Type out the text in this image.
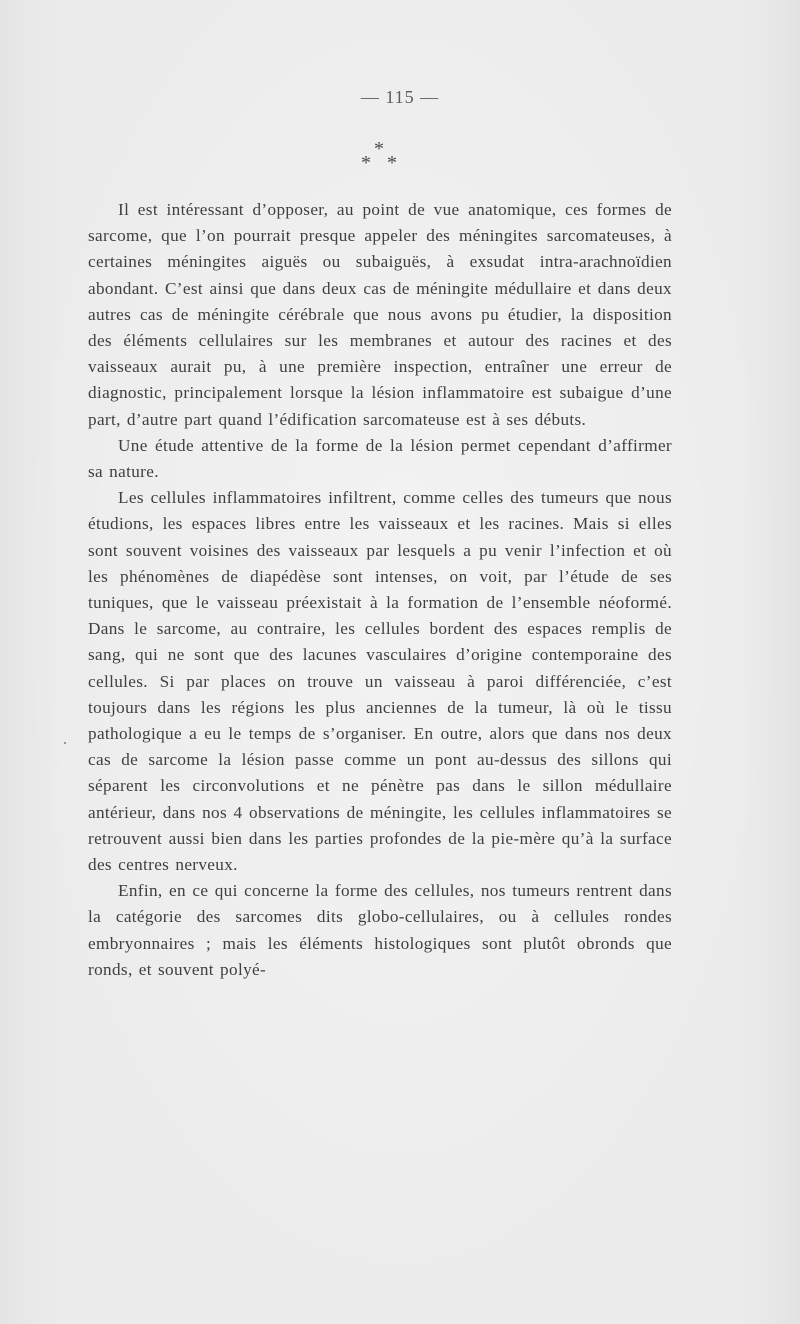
— 115 —
*
* *

Il est intéressant d’opposer, au point de vue anatomique, ces formes de sarcome, que l’on pourrait presque appeler des méningites sarcomateuses, à certaines méningites aiguës ou subaiguës, à exsudat intra-arachnoïdien abondant. C’est ainsi que dans deux cas de méningite médullaire et dans deux autres cas de méningite cérébrale que nous avons pu étudier, la disposition des éléments cellulaires sur les membranes et autour des racines et des vaisseaux aurait pu, à une première inspection, entraîner une erreur de diagnostic, principalement lorsque la lésion inflammatoire est subaigue d’une part, d’autre part quand l’édification sarcomateuse est à ses débuts.

Une étude attentive de la forme de la lésion permet cependant d’affirmer sa nature.

Les cellules inflammatoires infiltrent, comme celles des tumeurs que nous étudions, les espaces libres entre les vaisseaux et les racines. Mais si elles sont souvent voisines des vaisseaux par lesquels a pu venir l’infection et où les phénomènes de diapédèse sont intenses, on voit, par l’étude de ses tuniques, que le vaisseau préexistait à la formation de l’ensemble néoformé. Dans le sarcome, au contraire, les cellules bordent des espaces remplis de sang, qui ne sont que des lacunes vasculaires d’origine contemporaine des cellules. Si par places on trouve un vaisseau à paroi différenciée, c’est toujours dans les régions les plus anciennes de la tumeur, là où le tissu pathologique a eu le temps de s’organiser. En outre, alors que dans nos deux cas de sarcome la lésion passe comme un pont au-dessus des sillons qui séparent les circonvolutions et ne pénètre pas dans le sillon médullaire antérieur, dans nos 4 observations de méningite, les cellules inflammatoires se retrouvent aussi bien dans les parties profondes de la pie-mère qu’à la surface des centres nerveux.

Enfin, en ce qui concerne la forme des cellules, nos tumeurs rentrent dans la catégorie des sarcomes dits globo-cellulaires, ou à cellules rondes embryonnaires ; mais les éléments histologiques sont plutôt obronds que ronds, et souvent polyé-
